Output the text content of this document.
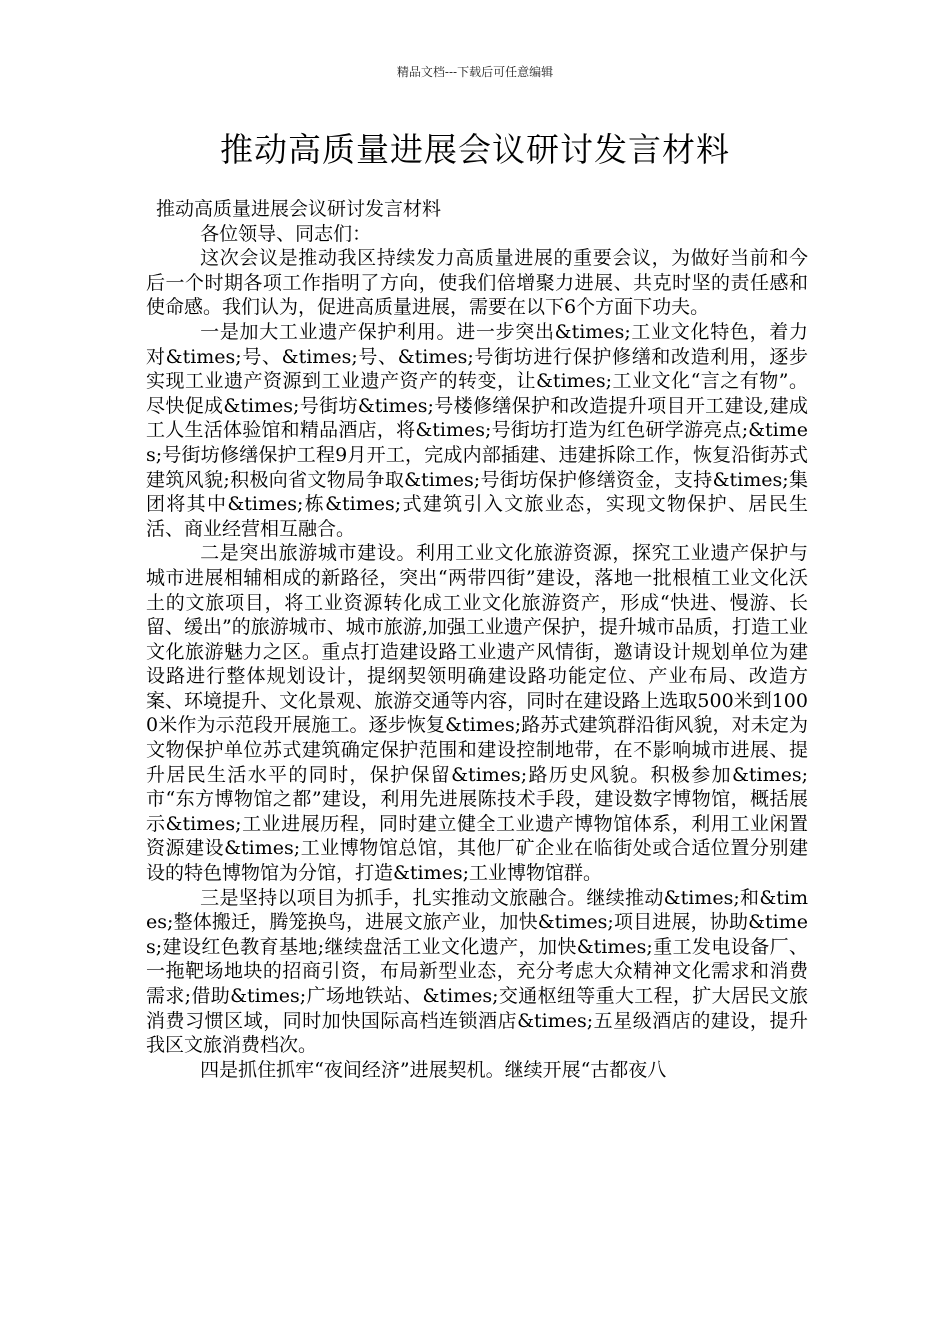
精品文档---下载后可任意编辑
推动高质量进展会议研讨发言材料

推动高质量进展会议研讨发言材料

各位领导、同志们：

这次会议是推动我区持续发力高质量进展的重要会议，为做好当前和今后一个时期各项工作指明了方向，使我们倍增聚力进展、共克时坚的责任感和使命感。我们认为，促进高质量进展，需要在以下6个方面下功夫。

一是加大工业遗产保护利用。进一步突出&times;工业文化特色，着力对&times;号、&times;号、&times;号街坊进行保护修缮和改造利用，逐步实现工业遗产资源到工业遗产资产的转变，让&times;工业文化“言之有物”。尽快促成&times;号街坊&times;号楼修缮保护和改造提升项目开工建设,建成工人生活体验馆和精品酒店，将&times;号街坊打造为红色研学游亮点;&times;号街坊修缮保护工程9月开工，完成内部插建、违建拆除工作，恢复沿街苏式建筑风貌;积极向省文物局争取&times;号街坊保护修缮资金，支持&times;集团将其中&times;栋&times;式建筑引入文旅业态，实现文物保护、居民生活、商业经营相互融合。

二是突出旅游城市建设。利用工业文化旅游资源，探究工业遗产保护与城市进展相辅相成的新路径，突出“两带四街”建设，落地一批根植工业文化沃土的文旅项目，将工业资源转化成工业文化旅游资产，形成“快进、慢游、长留、缓出”的旅游城市、城市旅游,加强工业遗产保护，提升城市品质，打造工业文化旅游魅力之区。重点打造建设路工业遗产风情街，邀请设计规划单位为建设路进行整体规划设计，提纲契领明确建设路功能定位、产业布局、改造方案、环境提升、文化景观、旅游交通等内容，同时在建设路上选取500米到1000米作为示范段开展施工。逐步恢复&times;路苏式建筑群沿街风貌，对未定为文物保护单位苏式建筑确定保护范围和建设控制地带，在不影响城市进展、提升居民生活水平的同时，保护保留&times;路历史风貌。积极参加&times;市“东方博物馆之都”建设，利用先进展陈技术手段，建设数字博物馆，概括展示&times;工业进展历程，同时建立健全工业遗产博物馆体系，利用工业闲置资源建设&times;工业博物馆总馆，其他厂矿企业在临街处或合适位置分别建设的特色博物馆为分馆，打造&times;工业博物馆群。

三是坚持以项目为抓手，扎实推动文旅融合。继续推动&times;和&times;整体搬迁，腾笼换鸟，进展文旅产业，加快&times;项目进展，协助&times;建设红色教育基地;继续盘活工业文化遗产，加快&times;重工发电设备厂、一拖靶场地块的招商引资，布局新型业态，充分考虑大众精神文化需求和消费需求;借助&times;广场地铁站、&times;交通枢纽等重大工程，扩大居民文旅消费习惯区域，同时加快国际高档连锁酒店&times;五星级酒店的建设，提升我区文旅消费档次。

四是抓住抓牢“夜间经济”进展契机。继续开展“古都夜八
